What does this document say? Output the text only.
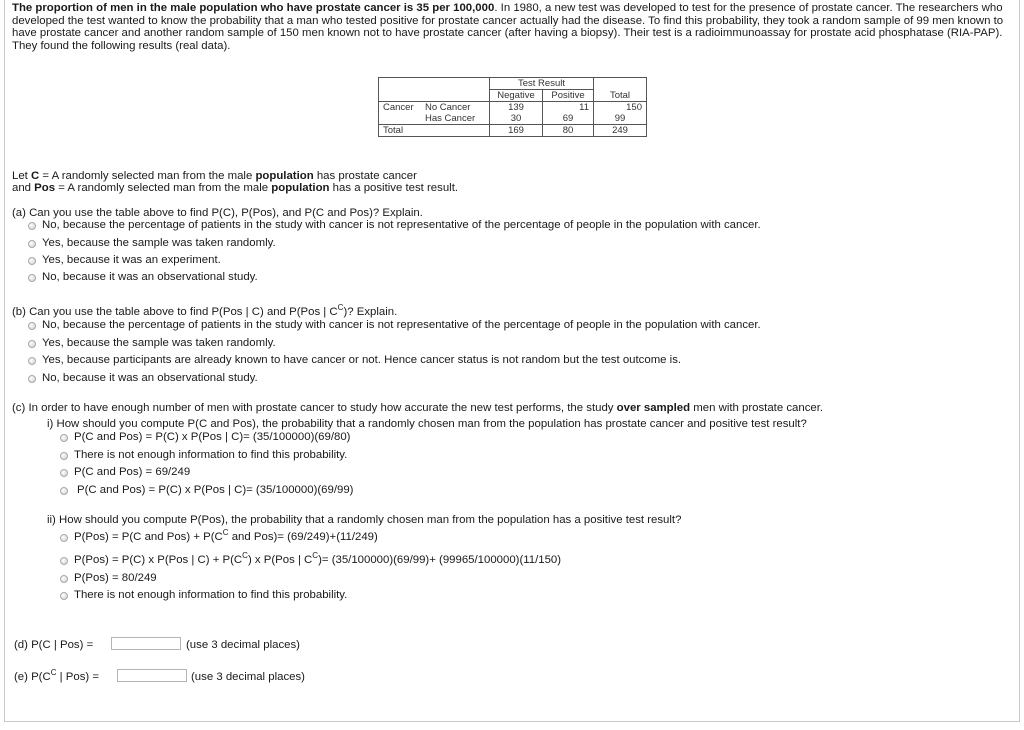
The proportion of men in the male population who have prostate cancer is 35 per 100,000. In 1980, a new test was developed to test for the presence of prostate cancer. The researchers who developed the test wanted to know the probability that a man who tested positive for prostate cancer actually had the disease. To find this probability, they took a random sample of 99 men known to have prostate cancer and another random sample of 150 men known not to have prostate cancer (after having a biopsy). Their test is a radioimmunoassay for prostate acid phosphatase (RIA-PAP). They found the following results (real data).
		Test Result		
		Negative	Positive	Total
Cancer	No Cancer	139	11	150
	Has Cancer	30	69	99
Total		169	80	249
Let C = A randomly selected man from the male population has prostate cancer
and Pos = A randomly selected man from the male population has a positive test result.
(a) Can you use the table above to find P(C), P(Pos), and P(C and Pos)? Explain.
No, because the percentage of patients in the study with cancer is not representative of the percentage of people in the population with cancer.
Yes, because the sample was taken randomly.
Yes, because it was an experiment.
No, because it was an observational study.
(b) Can you use the table above to find P(Pos | C) and P(Pos | $C^C$)? Explain.
No, because the percentage of patients in the study with cancer is not representative of the percentage of people in the population with cancer.
Yes, because the sample was taken randomly.
Yes, because participants are already known to have cancer or not. Hence cancer status is not random but the test outcome is.
No, because it was an observational study.
(c) In order to have enough number of men with prostate cancer to study how accurate the new test performs, the study over sampled men with prostate cancer.
i) How should you compute P(C and Pos), the probability that a randomly chosen man from the population has prostate cancer and positive test result?
P(C and Pos) = P(C) x P(Pos | C)= (35/100000)(69/80)
There is not enough information to find this probability.
P(C and Pos) = 69/249
P(C and Pos) = P(C) x P(Pos | C)= (35/100000)(69/99)
ii) How should you compute P(Pos), the probability that a randomly chosen man from the population has a positive test result?
P(Pos) = P(C and $Pos) + P(C^C$ and Pos)= (69/249)+(11/249)
P(Pos) = P(C) x P(Pos | $C) + P(C^C)$ x P(Pos | $C^C)= (35/100000)(69/99)+ (99965/100000)(11/150)$
P(Pos) = 80/249
There is not enough information to find this probability.
(d) P(C | Pos) =	(use 3 decimal places)
(e) $P(C^C$ | Pos) =	(use 3 decimal places)
